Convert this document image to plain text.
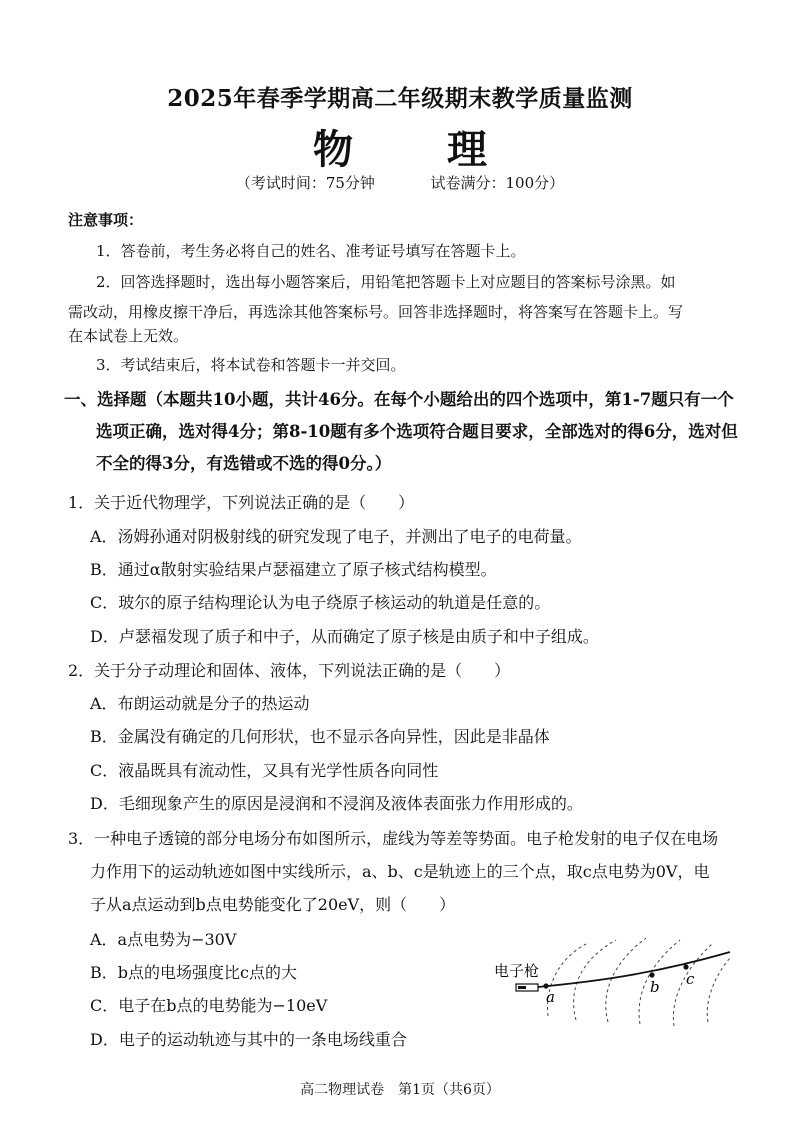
2025年春季学期高二年级期末教学质量监测
物 理
（考试时间：75分钟	试卷满分：100分）
注意事项：
1．答卷前，考生务必将自己的姓名、准考证号填写在答题卡上。
2．回答选择题时，选出每小题答案后，用铅笔把答题卡上对应题目的答案标号涂黑。如
需改动，用橡皮擦干净后，再选涂其他答案标号。回答非选择题时，将答案写在答题卡上。写
在本试卷上无效。
3．考试结束后，将本试卷和答题卡一并交回。
一、选择题（本题共10小题，共计46分。在每个小题给出的四个选项中，第1-7题只有一个
选项正确，选对得4分；第8-10题有多个选项符合题目要求，全部选对的得6分，选对但
不全的得3分，有选错或不选的得0分。）
1．关于近代物理学，下列说法正确的是（　　）
A．汤姆孙通对阴极射线的研究发现了电子，并测出了电子的电荷量。
B．通过α散射实验结果卢瑟福建立了原子核式结构模型。
C．玻尔的原子结构理论认为电子绕原子核运动的轨道是任意的。
D．卢瑟福发现了质子和中子，从而确定了原子核是由质子和中子组成。
2．关于分子动理论和固体、液体，下列说法正确的是（　　）
A．布朗运动就是分子的热运动
B．金属没有确定的几何形状，也不显示各向异性，因此是非晶体
C．液晶既具有流动性，又具有光学性质各向同性
D．毛细现象产生的原因是浸润和不浸润及液体表面张力作用形成的。
3．一种电子透镜的部分电场分布如图所示，虚线为等差等势面。电子枪发射的电子仅在电场
力作用下的运动轨迹如图中实线所示，a、b、c是轨迹上的三个点，取c点电势为0V，电
子从a点运动到b点电势能变化了20eV，则（　　）
A．a点电势为−30V
B．b点的电场强度比c点的大
C．电子在b点的电势能为−10eV
D．电子的运动轨迹与其中的一条电场线重合
电子枪
a
b c
高二物理试卷　第1页（共6页）
